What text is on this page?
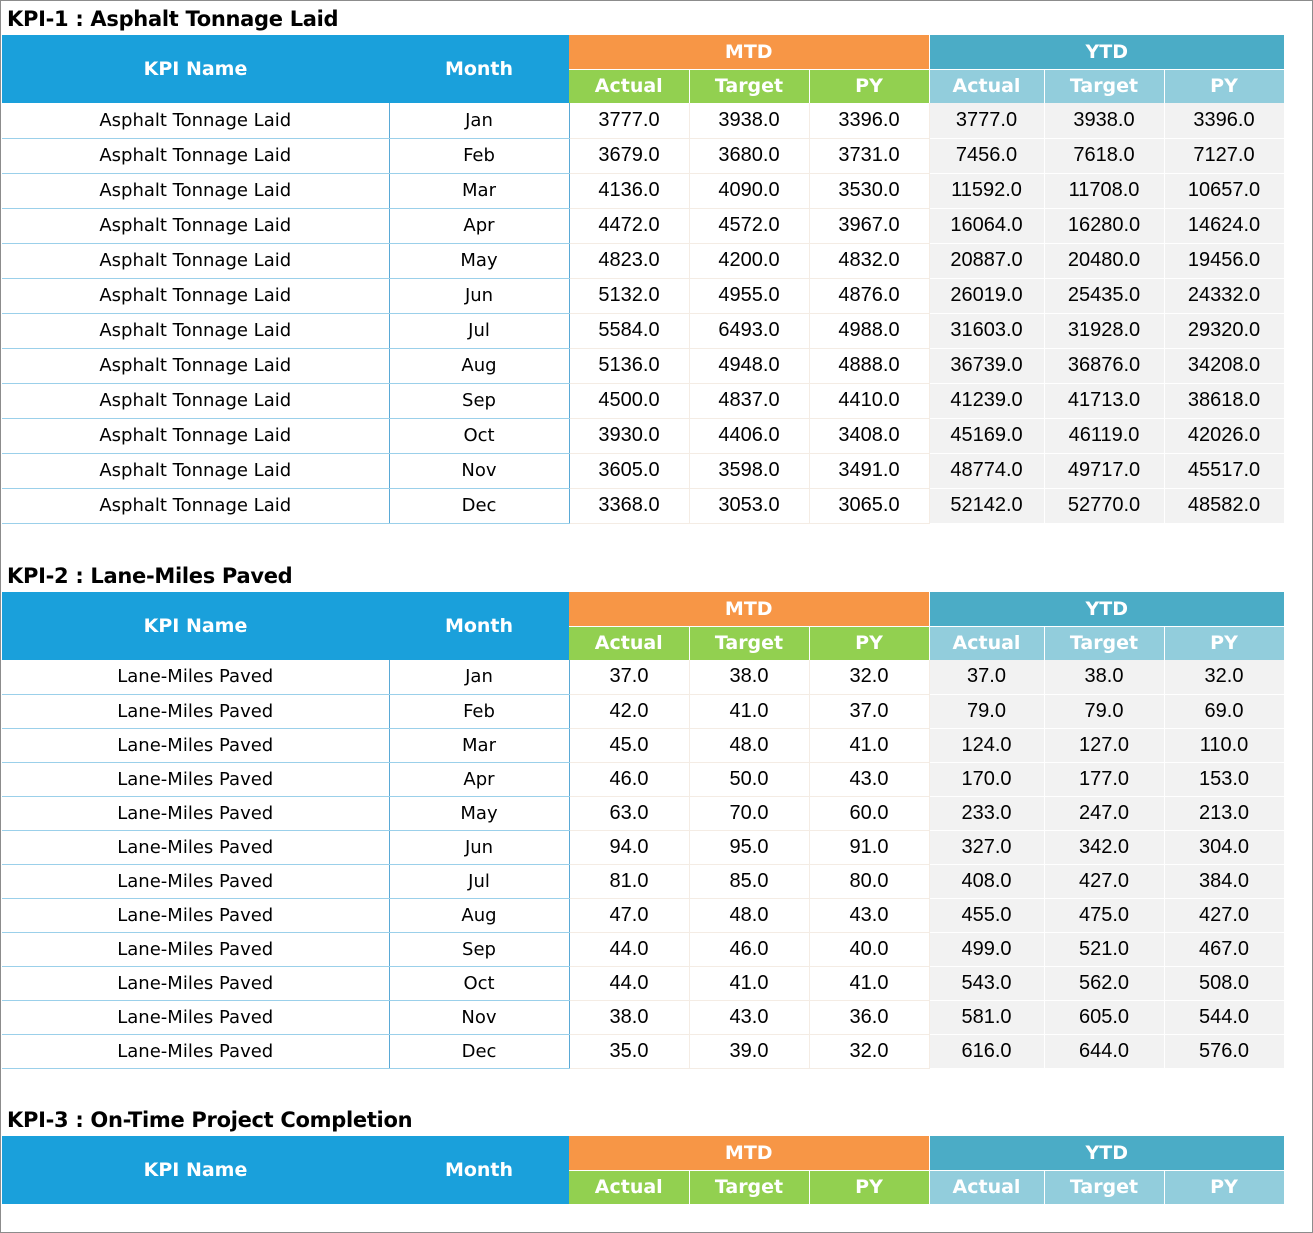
KPI-1 : Asphalt Tonnage Laid
KPI Name	Month	MTD			YTD		
		Actual	Target	PY	Actual	Target	PY
Asphalt Tonnage Laid	Jan	3777.0	3938.0	3396.0	3777.0	3938.0	3396.0
Asphalt Tonnage Laid	Feb	3679.0	3680.0	3731.0	7456.0	7618.0	7127.0
Asphalt Tonnage Laid	Mar	4136.0	4090.0	3530.0	11592.0	11708.0	10657.0
Asphalt Tonnage Laid	Apr	4472.0	4572.0	3967.0	16064.0	16280.0	14624.0
Asphalt Tonnage Laid	May	4823.0	4200.0	4832.0	20887.0	20480.0	19456.0
Asphalt Tonnage Laid	Jun	5132.0	4955.0	4876.0	26019.0	25435.0	24332.0
Asphalt Tonnage Laid	Jul	5584.0	6493.0	4988.0	31603.0	31928.0	29320.0
Asphalt Tonnage Laid	Aug	5136.0	4948.0	4888.0	36739.0	36876.0	34208.0
Asphalt Tonnage Laid	Sep	4500.0	4837.0	4410.0	41239.0	41713.0	38618.0
Asphalt Tonnage Laid	Oct	3930.0	4406.0	3408.0	45169.0	46119.0	42026.0
Asphalt Tonnage Laid	Nov	3605.0	3598.0	3491.0	48774.0	49717.0	45517.0
Asphalt Tonnage Laid	Dec	3368.0	3053.0	3065.0	52142.0	52770.0	48582.0
KPI-2 : Lane-Miles Paved
KPI Name	Month	MTD			YTD		
		Actual	Target	PY	Actual	Target	PY
Lane-Miles Paved	Jan	37.0	38.0	32.0	37.0	38.0	32.0
Lane-Miles Paved	Feb	42.0	41.0	37.0	79.0	79.0	69.0
Lane-Miles Paved	Mar	45.0	48.0	41.0	124.0	127.0	110.0
Lane-Miles Paved	Apr	46.0	50.0	43.0	170.0	177.0	153.0
Lane-Miles Paved	May	63.0	70.0	60.0	233.0	247.0	213.0
Lane-Miles Paved	Jun	94.0	95.0	91.0	327.0	342.0	304.0
Lane-Miles Paved	Jul	81.0	85.0	80.0	408.0	427.0	384.0
Lane-Miles Paved	Aug	47.0	48.0	43.0	455.0	475.0	427.0
Lane-Miles Paved	Sep	44.0	46.0	40.0	499.0	521.0	467.0
Lane-Miles Paved	Oct	44.0	41.0	41.0	543.0	562.0	508.0
Lane-Miles Paved	Nov	38.0	43.0	36.0	581.0	605.0	544.0
Lane-Miles Paved	Dec	35.0	39.0	32.0	616.0	644.0	576.0
KPI-3 : On-Time Project Completion
KPI Name	Month	MTD			YTD		
		Actual	Target	PY	Actual	Target	PY
